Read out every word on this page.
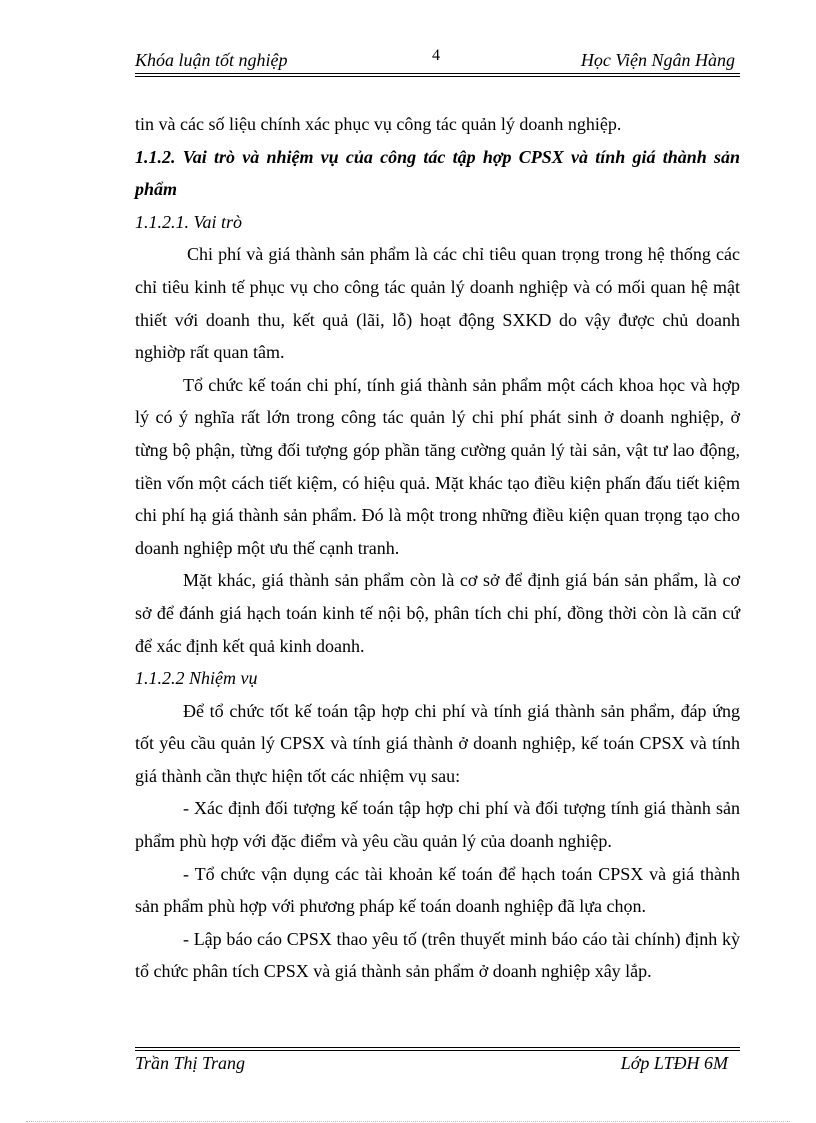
Khóa luận tốt nghiệp	4	Học Viện Ngân Hàng

tin và các số liệu chính xác phục vụ công tác quản lý doanh nghiệp.

1.1.2. Vai trò và nhiệm vụ của công tác tập hợp CPSX và tính giá thành sản phẩm

1.1.2.1. Vai trò

Chi phí và giá thành sản phẩm là các chỉ tiêu quan trọng trong hệ thống các chỉ tiêu kinh tế phục vụ cho công tác quản lý doanh nghiệp và có mối quan hệ mật thiết với doanh thu, kết quả (lãi, lỗ) hoạt động SXKD do vậy được chủ doanh nghiờp rất quan tâm.

Tổ chức kế toán chi phí, tính giá thành sản phẩm một cách khoa học và hợp lý có ý nghĩa rất lớn trong công tác quản lý chi phí phát sinh ở doanh nghiệp, ở từng bộ phận, từng đối tượng góp phần tăng cường quản lý tài sản, vật tư lao động, tiền vốn một cách tiết kiệm, có hiệu quả. Mặt khác tạo điều kiện phấn đấu tiết kiệm chi phí hạ giá thành sản phẩm. Đó là một trong những điều kiện quan trọng tạo cho doanh nghiệp một ưu thế cạnh tranh.

Mặt khác, giá thành sản phẩm còn là cơ sở để định giá bán sản phẩm, là cơ sở để đánh giá hạch toán kinh tế nội bộ, phân tích chi phí, đồng thời còn là căn cứ để xác định kết quả kinh doanh.

1.1.2.2 Nhiệm vụ

Để tổ chức tốt kế toán tập hợp chi phí và tính giá thành sản phẩm, đáp ứng tốt yêu cầu quản lý CPSX và tính giá thành ở doanh nghiệp, kế toán CPSX và tính giá thành cần thực hiện tốt các nhiệm vụ sau:

- Xác định đối tượng kế toán tập hợp chi phí và đối tượng tính giá thành sản phẩm phù hợp với đặc điểm và yêu cầu quản lý của doanh nghiệp.

- Tổ chức vận dụng các tài khoản kế toán để hạch toán CPSX và giá thành sản phẩm phù hợp với phương pháp kế toán doanh nghiệp đã lựa chọn.

- Lập báo cáo CPSX thao yêu tố (trên thuyết minh báo cáo tài chính) định kỳ tổ chức phân tích CPSX và giá thành sản phẩm ở doanh nghiệp xây lắp.

Trần Thị Trang	Lớp LTĐH 6M
